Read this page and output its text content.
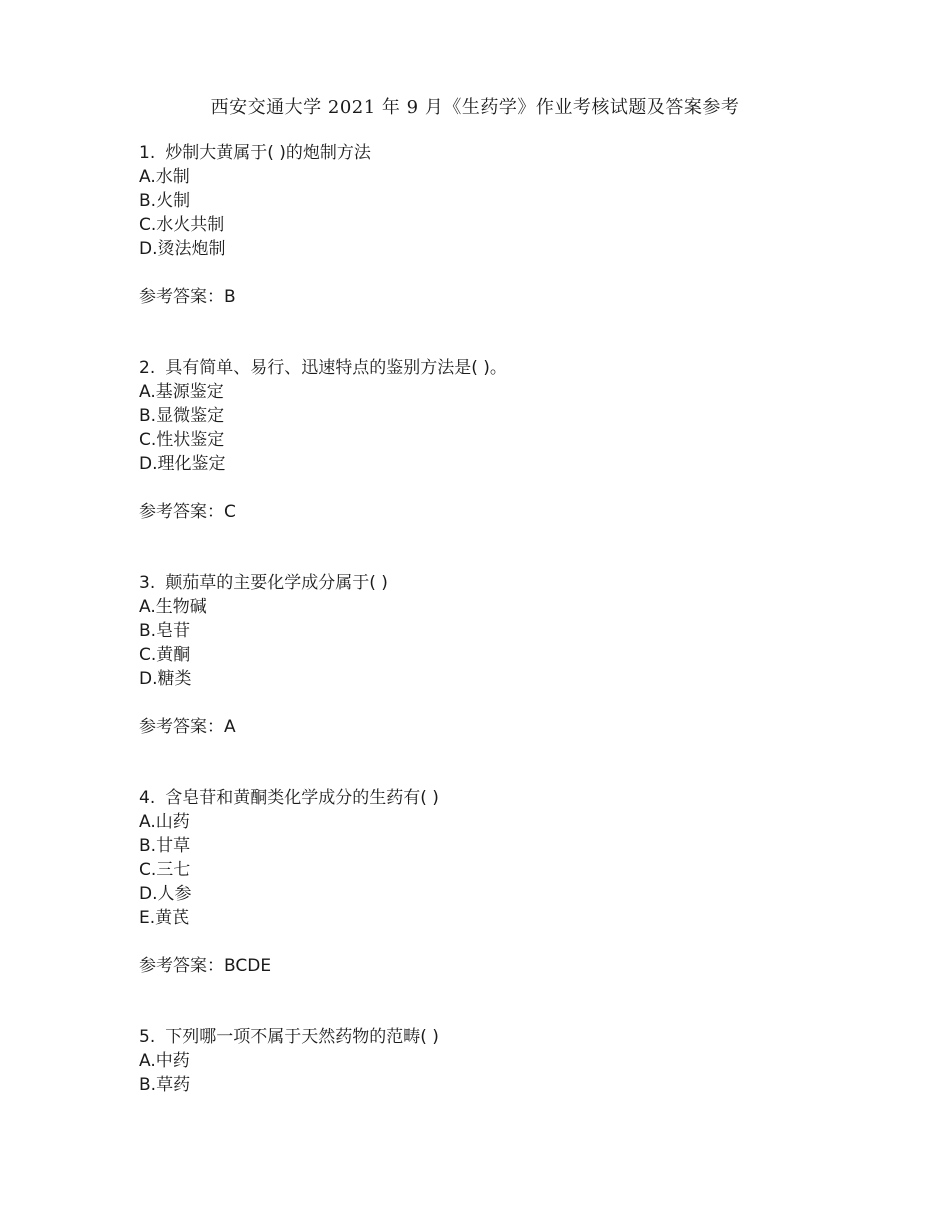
西安交通大学 2021 年 9 月《生药学》作业考核试题及答案参考
1. 炒制大黄属于( )的炮制方法
A.水制
B.火制
C.水火共制
D.烫法炮制
参考答案：B
2. 具有简单、易行、迅速特点的鉴别方法是( )。
A.基源鉴定
B.显微鉴定
C.性状鉴定
D.理化鉴定
参考答案：C
3. 颠茄草的主要化学成分属于( )
A.生物碱
B.皂苷
C.黄酮
D.糖类
参考答案：A
4. 含皂苷和黄酮类化学成分的生药有( )
A.山药
B.甘草
C.三七
D.人参
E.黄芪
参考答案：BCDE
5. 下列哪一项不属于天然药物的范畴( )
A.中药
B.草药
